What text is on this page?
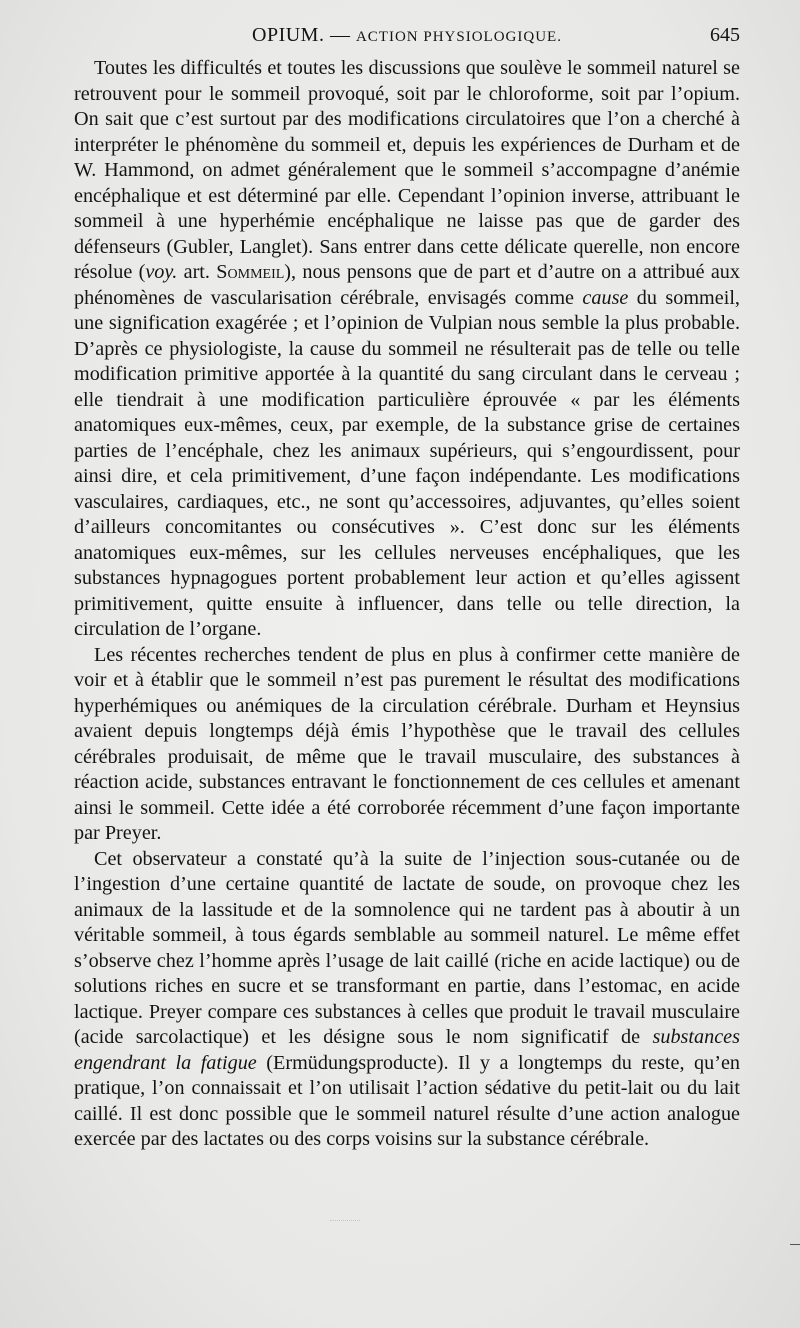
OPIUM. — ACTION PHYSIOLOGIQUE.	645

Toutes les difficultés et toutes les discussions que soulève le sommeil naturel se retrouvent pour le sommeil provoqué, soit par le chloroforme, soit par l’opium. On sait que c’est surtout par des modifications circulatoires que l’on a cherché à interpréter le phénomène du sommeil et, depuis les expériences de Durham et de W. Hammond, on admet généralement que le sommeil s’accompagne d’anémie encéphalique et est déterminé par elle. Cependant l’opinion inverse, attribuant le sommeil à une hyperhémie encéphalique ne laisse pas que de garder des défenseurs (Gubler, Langlet). Sans entrer dans cette délicate querelle, non encore résolue (voy. art. Sommeil), nous pensons que de part et d’autre on a attribué aux phénomènes de vascularisation cérébrale, envisagés comme cause du sommeil, une signification exagérée ; et l’opinion de Vulpian nous semble la plus probable. D’après ce physiologiste, la cause du sommeil ne résulterait pas de telle ou telle modification primitive apportée à la quantité du sang circulant dans le cerveau ; elle tiendrait à une modification particulière éprouvée « par les éléments anatomiques eux-mêmes, ceux, par exemple, de la substance grise de certaines parties de l’encéphale, chez les animaux supérieurs, qui s’engourdissent, pour ainsi dire, et cela primitivement, d’une façon indépendante. Les modifications vasculaires, cardiaques, etc., ne sont qu’accessoires, adjuvantes, qu’elles soient d’ailleurs concomitantes ou consécutives ». C’est donc sur les éléments anatomiques eux-mêmes, sur les cellules nerveuses encéphaliques, que les substances hypnagogues portent probablement leur action et qu’elles agissent primitivement, quitte ensuite à influencer, dans telle ou telle direction, la circulation de l’organe.

Les récentes recherches tendent de plus en plus à confirmer cette manière de voir et à établir que le sommeil n’est pas purement le résultat des modifications hyperhémiques ou anémiques de la circulation cérébrale. Durham et Heynsius avaient depuis longtemps déjà émis l’hypothèse que le travail des cellules cérébrales produisait, de même que le travail musculaire, des substances à réaction acide, substances entravant le fonctionnement de ces cellules et amenant ainsi le sommeil. Cette idée a été corroborée récemment d’une façon importante par Preyer.

Cet observateur a constaté qu’à la suite de l’injection sous-cutanée ou de l’ingestion d’une certaine quantité de lactate de soude, on provoque chez les animaux de la lassitude et de la somnolence qui ne tardent pas à aboutir à un véritable sommeil, à tous égards semblable au sommeil naturel. Le même effet s’observe chez l’homme après l’usage de lait caillé (riche en acide lactique) ou de solutions riches en sucre et se transformant en partie, dans l’estomac, en acide lactique. Preyer compare ces substances à celles que produit le travail musculaire (acide sarcolactique) et les désigne sous le nom significatif de substances engendrant la fatigue (Ermüdungsproducte). Il y a longtemps du reste, qu’en pratique, l’on connaissait et l’on utilisait l’action sédative du petit-lait ou du lait caillé. Il est donc possible que le sommeil naturel résulte d’une action analogue exercée par des lactates ou des corps voisins sur la substance cérébrale.
